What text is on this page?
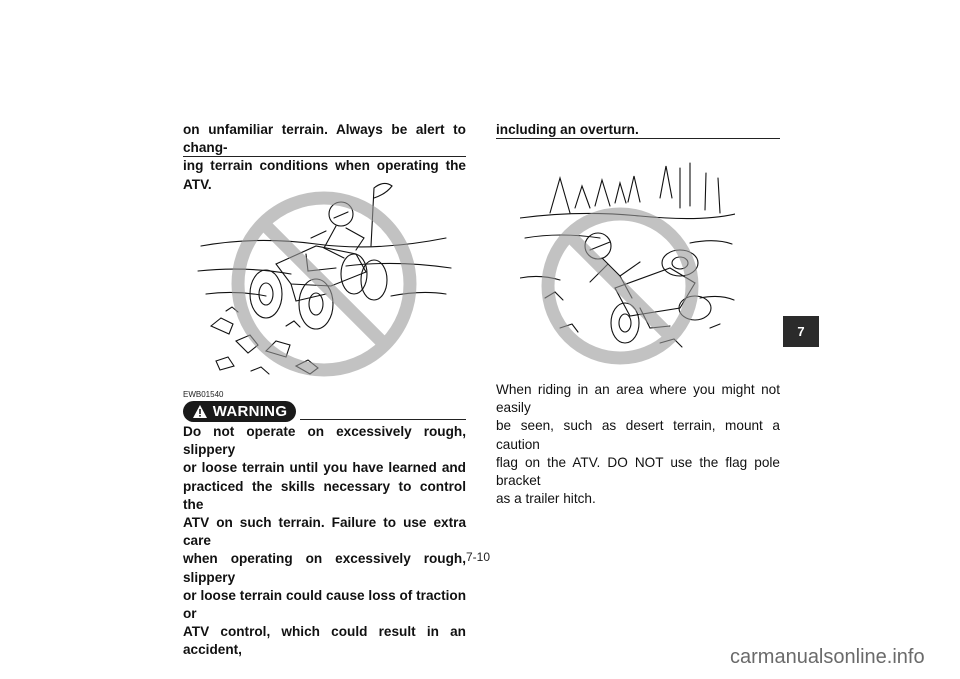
on unfamiliar terrain. Always be alert to chang-
ing terrain conditions when operating the ATV.
EWB01540
WARNING
Do not operate on excessively rough, slippery
or loose terrain until you have learned and
practiced the skills necessary to control the
ATV on such terrain. Failure to use extra care
when operating on excessively rough, slippery
or loose terrain could cause loss of traction or
ATV control, which could result in an accident,
including an overturn.
When riding in an area where you might not easily
be seen, such as desert terrain, mount a caution
flag on the ATV. DO NOT use the flag pole bracket
as a trailer hitch.
7
7-10
carmanualsonline.info
